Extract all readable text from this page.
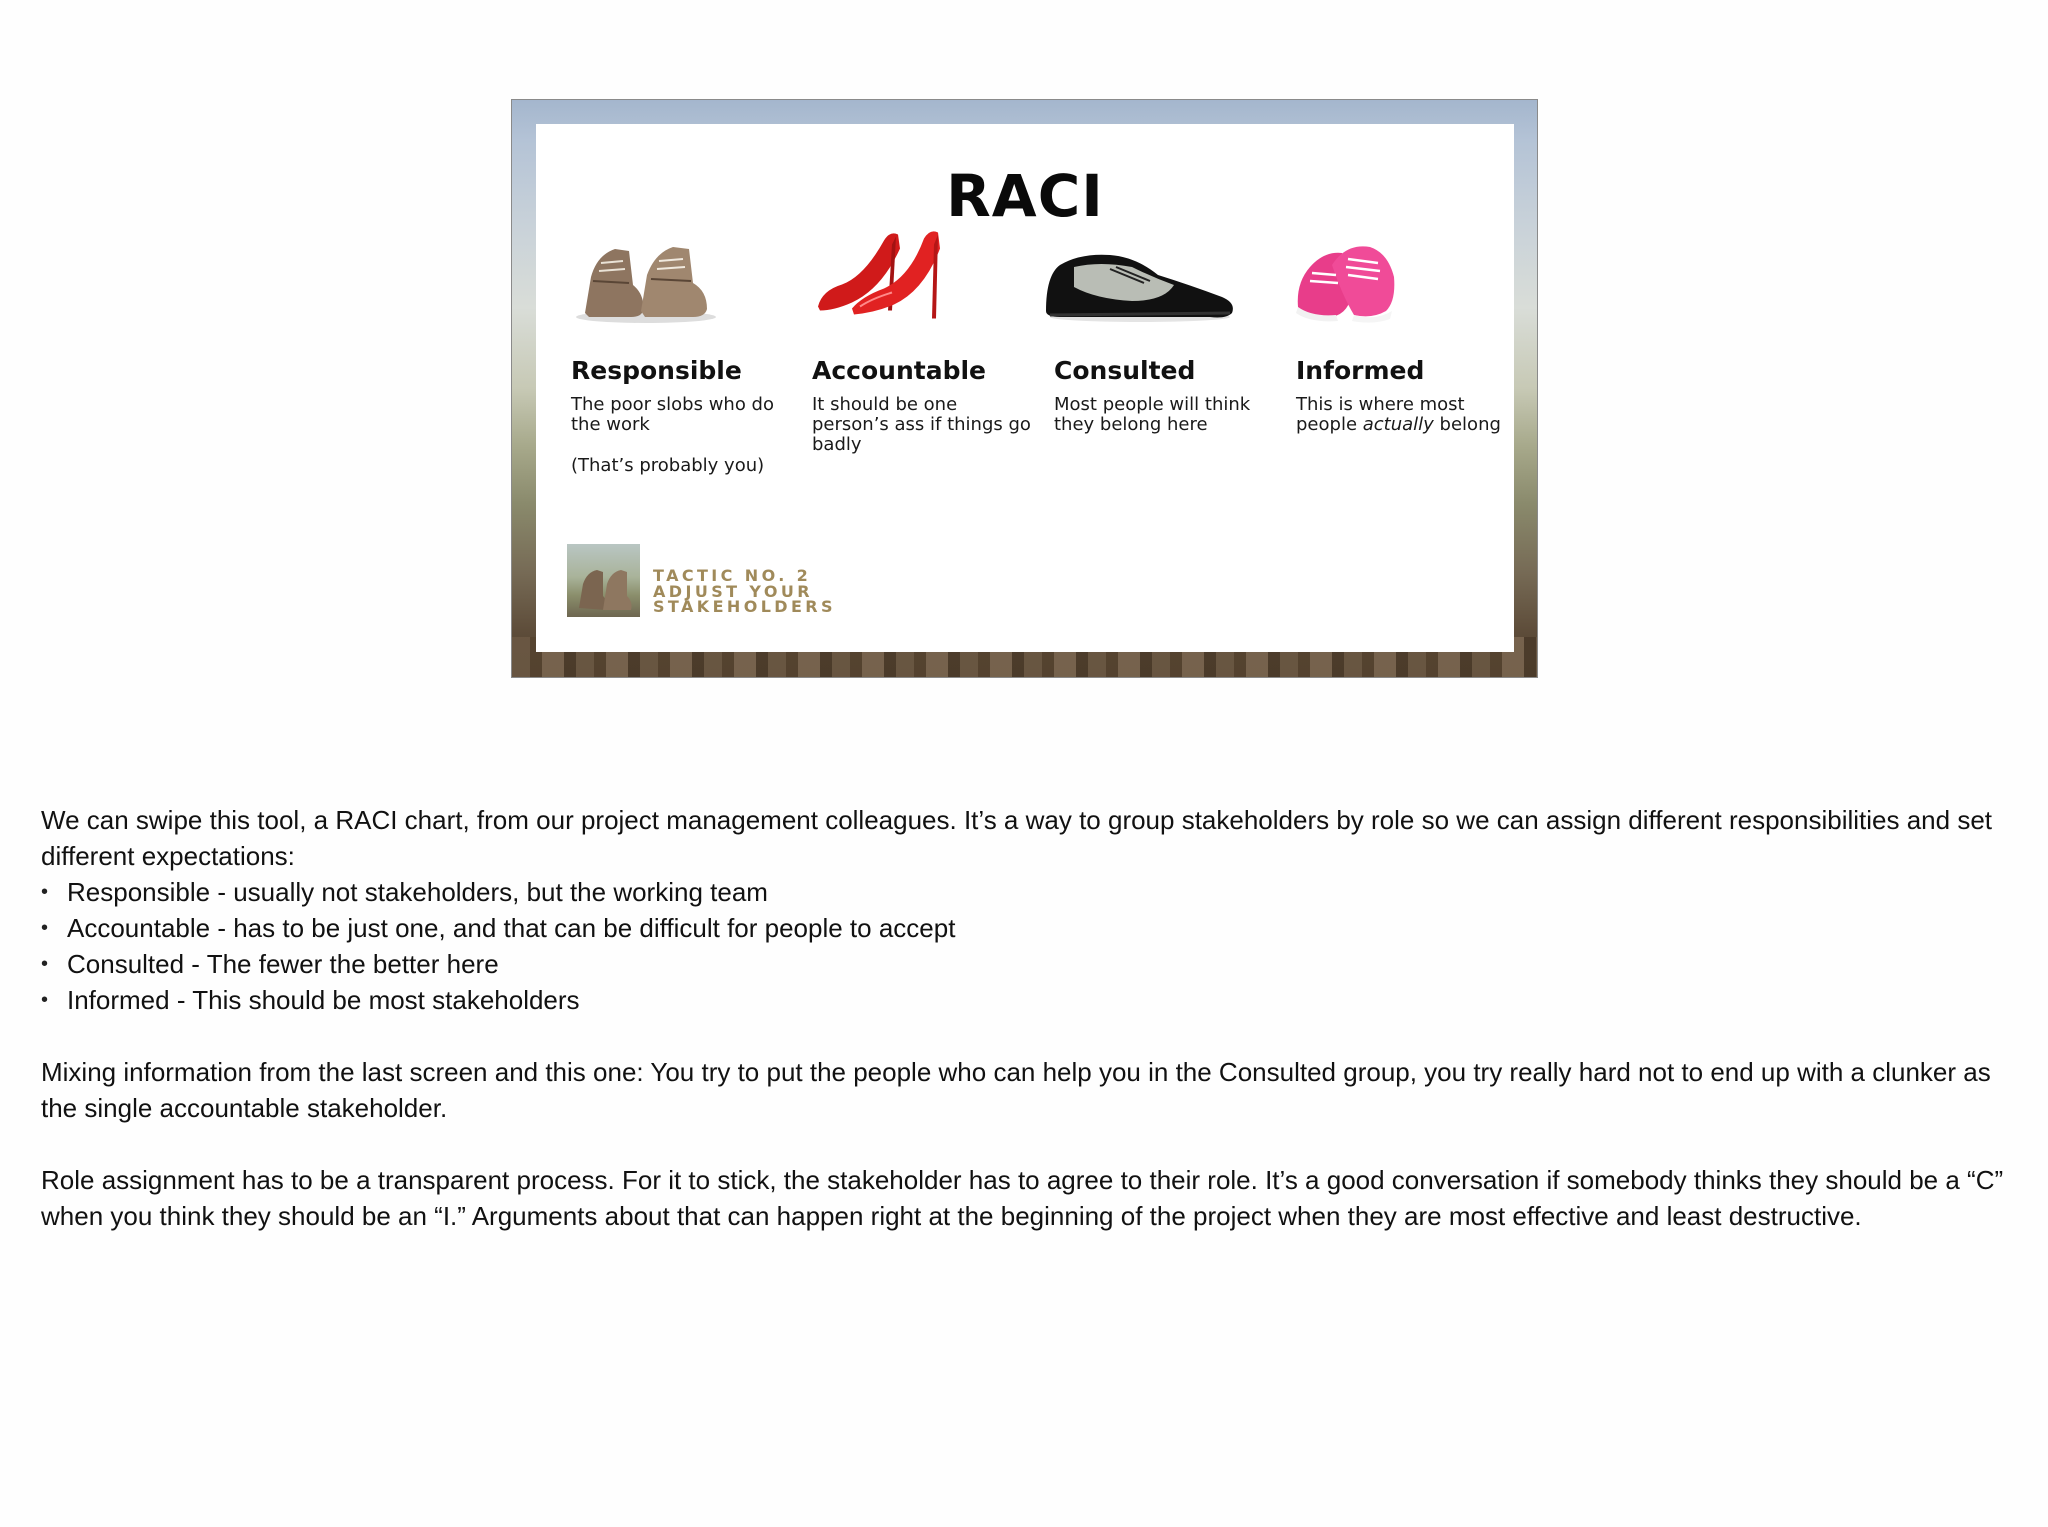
RACI
Responsible

The poor slobs who do the work

(That’s probably you)

Accountable

It should be one person’s ass if things go badly

Consulted

Most people will think they belong here

Informed

This is where most people actually belong

TACTIC NO. 2
ADJUST YOUR
STAKEHOLDERS

We can swipe this tool, a RACI chart, from our project management colleagues. It’s a way to group stakeholders by role so we can assign different responsibilities and set different expectations:

• Responsible - usually not stakeholders, but the working team
• Accountable - has to be just one, and that can be difficult for people to accept
• Consulted - The fewer the better here
• Informed - This should be most stakeholders

Mixing information from the last screen and this one: You try to put the people who can help you in the Consulted group, you try really hard not to end up with a clunker as the single accountable stakeholder.

Role assignment has to be a transparent process. For it to stick, the stakeholder has to agree to their role. It’s a good conversation if somebody thinks they should be a “C” when you think they should be an “I.” Arguments about that can happen right at the beginning of the project when they are most effective and least destructive.
